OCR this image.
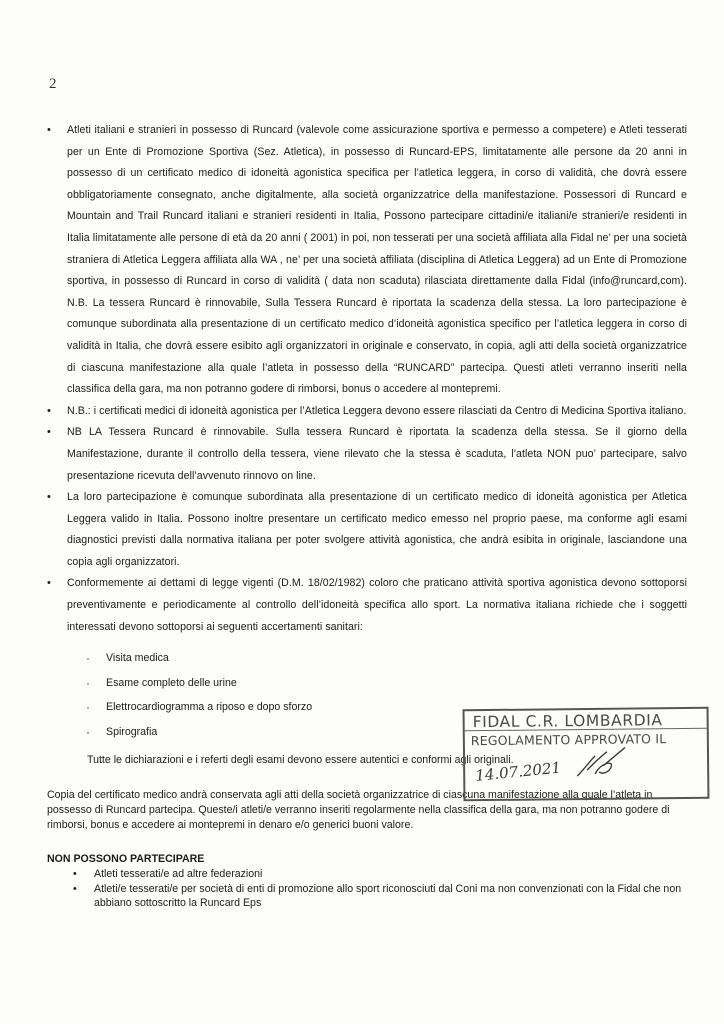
2
• Atleti italiani e stranieri in possesso di Runcard (valevole come assicurazione sportiva e permesso a competere) e Atleti tesserati per un Ente di Promozione Sportiva (Sez. Atletica), in possesso di Runcard-EPS, limitatamente alle persone da 20 anni in possesso di un certificato medico di idoneità agonistica specifica per l’atletica leggera, in corso di validità, che dovrà essere obbligatoriamente consegnato, anche digitalmente, alla società organizzatrice della manifestazione. Possessori di Runcard e Mountain and Trail Runcard italiani e stranieri residenti in Italia, Possono partecipare cittadini/e italiani/e stranieri/e residenti in Italia limitatamente alle persone di età da 20 anni ( 2001) in poi, non tesserati per una società affiliata alla Fidal ne’ per una società straniera di Atletica Leggera affiliata alla WA , ne’ per una società affiliata (disciplina di Atletica Leggera) ad un Ente di Promozione sportiva, in possesso di Runcard in corso di validità ( data non scaduta) rilasciata direttamente dalla Fidal (info@runcard,com). N.B. La tessera Runcard è rinnovabile, Sulla Tessera Runcard è riportata la scadenza della stessa. La loro partecipazione è comunque subordinata alla presentazione di un certificato medico d’idoneità agonistica specifico per l’atletica leggera in corso di validità in Italia, che dovrà essere esibito agli organizzatori in originale e conservato, in copia, agli atti della società organizzatrice di ciascuna manifestazione alla quale l’atleta in possesso della “RUNCARD” partecipa. Questi atleti verranno inseriti nella classifica della gara, ma non potranno godere di rimborsi, bonus o accedere al montepremi.
• N.B.: i certificati medici di idoneità agonistica per l’Atletica Leggera devono essere rilasciati da Centro di Medicina Sportiva italiano.
• NB LA Tessera Runcard è rinnovabile. Sulla tessera Runcard è riportata la scadenza della stessa. Se il giorno della Manifestazione, durante il controllo della tessera, viene rilevato che la stessa è scaduta, l’atleta NON puo’ partecipare, salvo presentazione ricevuta dell’avvenuto rinnovo on line.
• La loro partecipazione è comunque subordinata alla presentazione di un certificato medico di idoneità agonistica per Atletica Leggera valido in Italia. Possono inoltre presentare un certificato medico emesso nel proprio paese, ma conforme agli esami diagnostici previsti dalla normativa italiana per poter svolgere attività agonistica, che andrà esibita in originale, lasciandone una copia agli organizzatori.
• Conformemente ai dettami di legge vigenti (D.M. 18/02/1982) coloro che praticano attività sportiva agonistica devono sottoporsi preventivamente e periodicamente al controllo dell’idoneità specifica allo sport. La normativa italiana richiede che i soggetti interessati devono sottoporsi ai seguenti accertamenti sanitari:
· Visita medica
· Esame completo delle urine
· Elettrocardiogramma a riposo e dopo sforzo
· Spirografia
Tutte le dichiarazioni e i referti degli esami devono essere autentici e conformi agli originali.
Copia del certificato medico andrà conservata agli atti della società organizzatrice di ciascuna manifestazione alla quale l’atleta in possesso di Runcard partecipa. Queste/i atleti/e verranno inseriti regolarmente nella classifica della gara, ma non potranno godere di rimborsi, bonus e accedere ai montepremi in denaro e/o generici buoni valore.
NON POSSONO PARTECIPARE
• Atleti tesserati/e ad altre federazioni
• Atleti/e tesserati/e per società di enti di promozione allo sport riconosciuti dal Coni ma non convenzionati con la Fidal che non abbiano sottoscritto la Runcard Eps
FIDAL C.R. LOMBARDIA
REGOLAMENTO APPROVATO IL
14.07.2021
